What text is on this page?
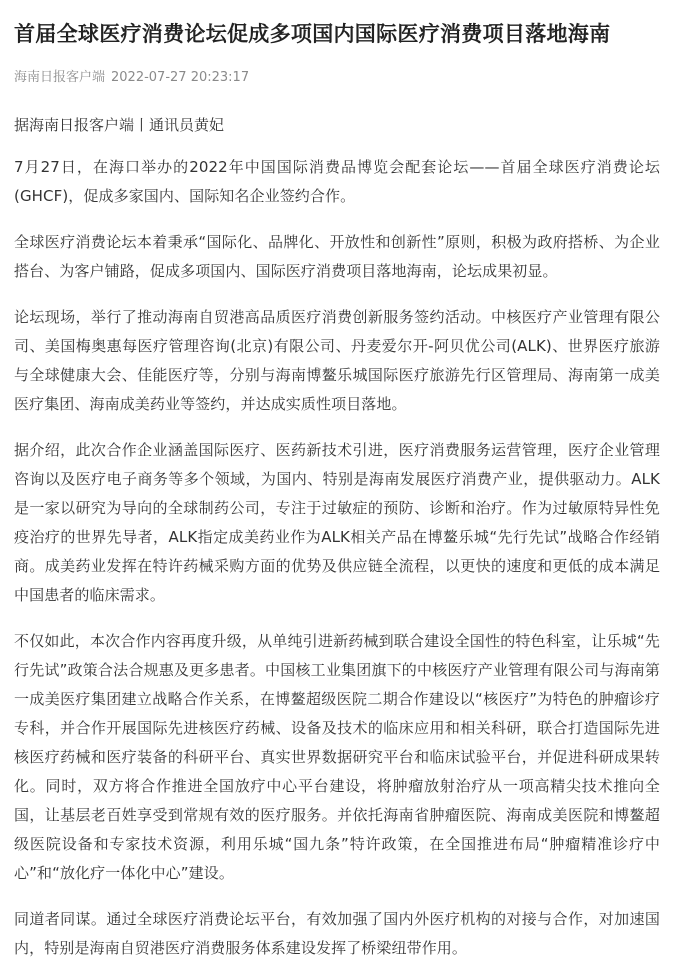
首届全球医疗消费论坛促成多项国内国际医疗消费项目落地海南
海南日报客户端 2022-07-27 20:23:17
据海南日报客户端丨通讯员黄妃

7月27日，在海口举办的2022年中国国际消费品博览会配套论坛——首届全球医疗消费论坛(GHCF)，促成多家国内、国际知名企业签约合作。

全球医疗消费论坛本着秉承“国际化、品牌化、开放性和创新性”原则，积极为政府搭桥、为企业搭台、为客户铺路，促成多项国内、国际医疗消费项目落地海南，论坛成果初显。

论坛现场，举行了推动海南自贸港高品质医疗消费创新服务签约活动。中核医疗产业管理有限公司、美国梅奥惠每医疗管理咨询(北京)有限公司、丹麦爱尔开-阿贝优公司(ALK)、世界医疗旅游与全球健康大会、佳能医疗等，分别与海南博鳌乐城国际医疗旅游先行区管理局、海南第一成美医疗集团、海南成美药业等签约，并达成实质性项目落地。

据介绍，此次合作企业涵盖国际医疗、医药新技术引进，医疗消费服务运营管理，医疗企业管理咨询以及医疗电子商务等多个领域，为国内、特别是海南发展医疗消费产业，提供驱动力。ALK是一家以研究为导向的全球制药公司，专注于过敏症的预防、诊断和治疗。作为过敏原特异性免疫治疗的世界先导者，ALK指定成美药业作为ALK相关产品在博鳌乐城“先行先试”战略合作经销商。成美药业发挥在特许药械采购方面的优势及供应链全流程，以更快的速度和更低的成本满足中国患者的临床需求。

不仅如此，本次合作内容再度升级，从单纯引进新药械到联合建设全国性的特色科室，让乐城“先行先试”政策合法合规惠及更多患者。中国核工业集团旗下的中核医疗产业管理有限公司与海南第一成美医疗集团建立战略合作关系，在博鳌超级医院二期合作建设以“核医疗”为特色的肿瘤诊疗专科，并合作开展国际先进核医疗药械、设备及技术的临床应用和相关科研，联合打造国际先进核医疗药械和医疗装备的科研平台、真实世界数据研究平台和临床试验平台，并促进科研成果转化。同时，双方将合作推进全国放疗中心平台建设，将肿瘤放射治疗从一项高精尖技术推向全国，让基层老百姓享受到常规有效的医疗服务。并依托海南省肿瘤医院、海南成美医院和博鳌超级医院设备和专家技术资源，利用乐城“国九条”特许政策，在全国推进布局“肿瘤精准诊疗中心”和“放化疗一体化中心”建设。

同道者同谋。通过全球医疗消费论坛平台，有效加强了国内外医疗机构的对接与合作，对加速国内，特别是海南自贸港医疗消费服务体系建设发挥了桥梁纽带作用。
